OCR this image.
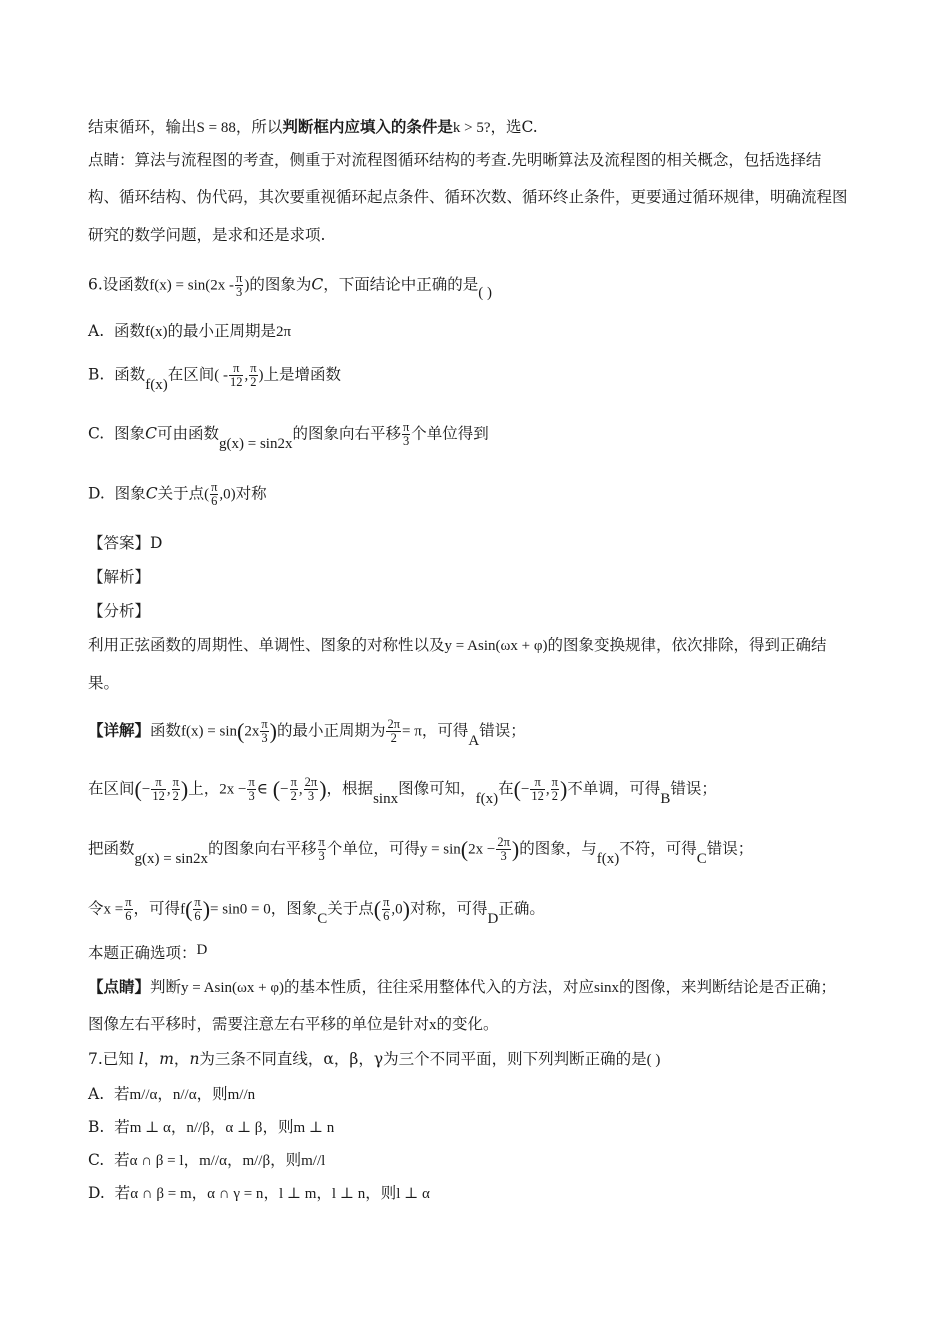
结束循环，输出S = 88，所以判断框内应填入的条件是k > 5?，选C.
点睛：算法与流程图的考查，侧重于对流程图循环结构的考查.先明晰算法及流程图的相关概念，包括选择结
构、循环结构、伪代码，其次要重视循环起点条件、循环次数、循环终止条件，更要通过循环规律，明确流程图
研究的数学问题，是求和还是求项.
6.设函数$f(x) = \sin(2x - \frac{\pi}{3}$ )的图象为C，下面结论中正确的是( )
A. 函数f(x)的最小正周期是2π
B. 函数f(x)在区间( - $\frac{\pi}{12}$ , $\frac{\pi}{2}$ )上是增函数
C. 图象C可由函数g(x) = sin2x的图象向右平移 $\frac{\pi}{3}$ 个单位得到
D. 图象C关于点( $\frac{\pi}{6} ,0$)对称
【答案】D
【解析】
【分析】
利用正弦函数的周期性、单调性、图象的对称性以及y = Asin(ωx + φ)的图象变换规律，依次排除，得到正确结
果。
【详解】函数$f(x) = \sin(2x \frac{\pi}{3}$ )的最小正周期为 $\frac{2\pi}{2} = \pi$，可得A错误；
在区间(− $\frac{\pi}{12}$ , $\frac{\pi}{2}$ )上，$2x - \frac{\pi}{3}$ ∈ (− $\frac{\pi}{2}$ , $\frac{2\pi}{3}$ )，根据sinx图像可知，f(x)在(− $\frac{\pi}{12}$ , $\frac{\pi}{2}$ )不单调，可得B错误；
把函数g(x) = sin2x的图象向右平移 $\frac{\pi}{3}$ 个单位，可得$y = \sin(2x - \frac{2\pi}{3}$ )的图象，与f(x)不符，可得C错误；
令$x = \frac{\pi}{6}$ ，可得$f( \frac{\pi}{6}$ )= sin0 = 0，图象C关于点( $\frac{\pi}{6} ,0$)对称，可得D正确。
本题正确选项：D
【点睛】判断y = Asin(ωx + φ)的基本性质，往往采用整体代入的方法，对应sinx的图像，来判断结论是否正确；
图像左右平移时，需要注意左右平移的单位是针对x的变化。
7.已知 l，m，n为三条不同直线，α，β，γ为三个不同平面，则下列判断正确的是( )
A. 若m//α，n//α，则m//n
B. 若m ⊥ α，n//β，α ⊥ β，则m ⊥ n
C. 若α ∩ β = l，m//α，m//β，则m//l
D. 若α ∩ β = m，α ∩ γ = n，l ⊥ m，l ⊥ n，则l ⊥ α
